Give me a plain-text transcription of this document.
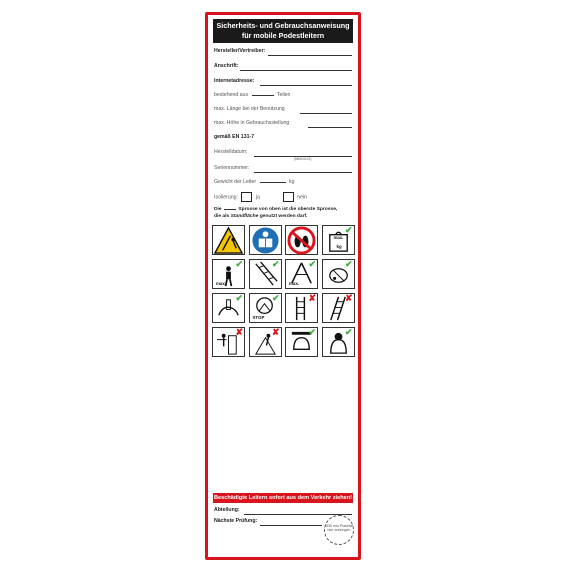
Sicherheits- und Gebrauchsanweisung
für mobile Podestleitern
Hersteller/Vertreiber:
Anschrift:
Internetadresse:
bestehend aus	Teilen
max. Länge bei der Benutzung
max. Höhe in Gebrauchsstellung
gemäß EN 131-7
Herstelldatum:
(MM/JJJJ)
Seriennummer:
Gewicht der Leiter	kg
Isolierung:	ja	nein
Die	Sprosse von oben ist die oberste Sprosse,
die als Standfläche genutzt werden darf.
max.
kg
✔
max.
✔	✔
max.
✔	✔
✔
STOP
✔	✘	✘
✘	✘	✔	✔
Beschädigte Leitern sofort aus dem Verkehr ziehen!
Abteilung:
Nächste Prüfung:
Ø35 mm Plakette hier anbringen
